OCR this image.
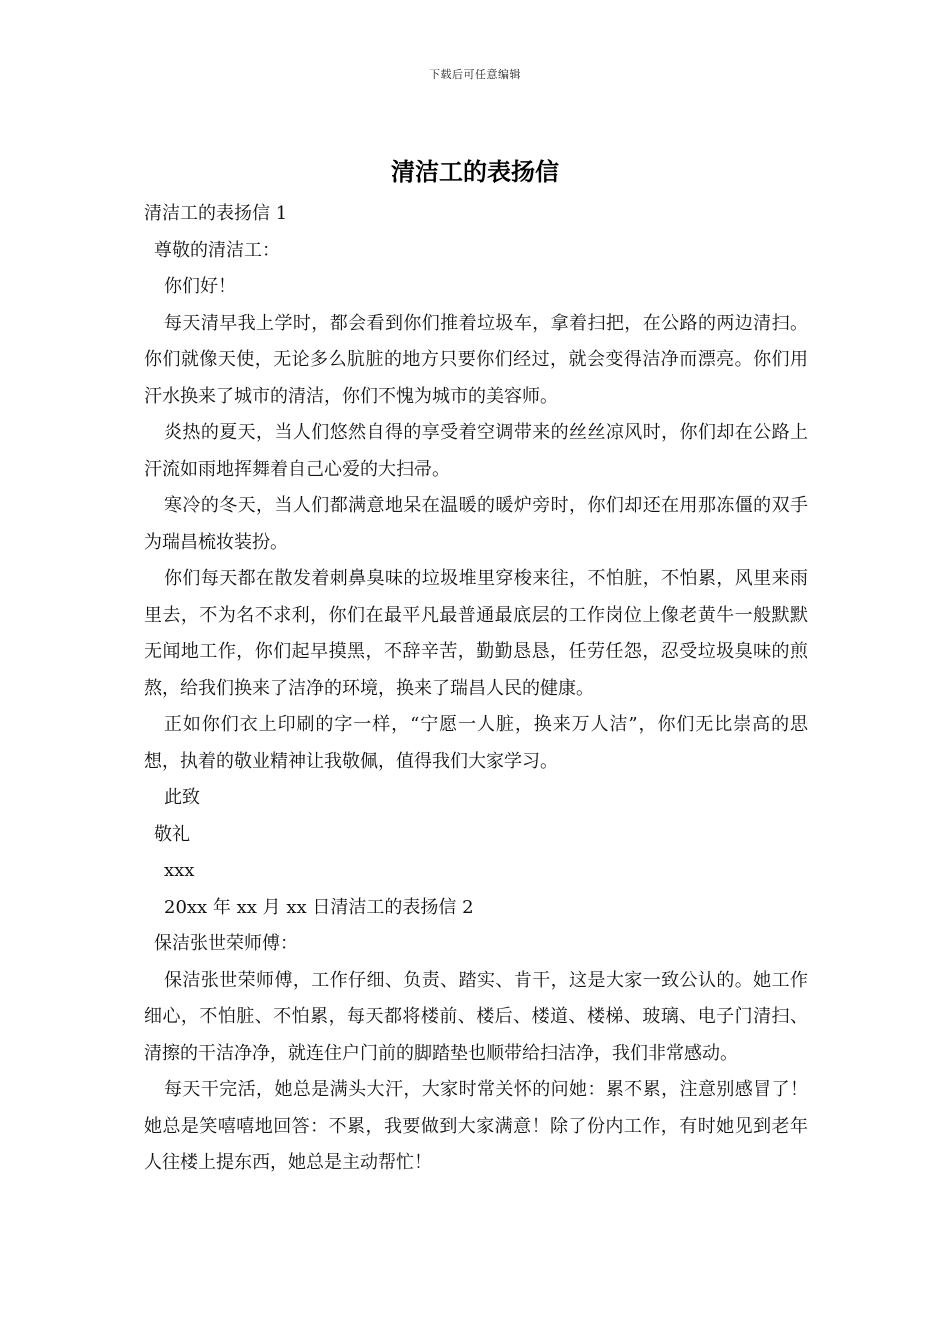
下载后可任意编辑
清洁工的表扬信
清洁工的表扬信 1
尊敬的清洁工：
你们好！
每天清早我上学时，都会看到你们推着垃圾车，拿着扫把，在公路的两边清扫。你们就像天使，无论多么肮脏的地方只要你们经过，就会变得洁净而漂亮。你们用汗水换来了城市的清洁，你们不愧为城市的美容师。
炎热的夏天，当人们悠然自得的享受着空调带来的丝丝凉风时，你们却在公路上汗流如雨地挥舞着自己心爱的大扫帚。
寒冷的冬天，当人们都满意地呆在温暖的暖炉旁时，你们却还在用那冻僵的双手为瑞昌梳妆装扮。
你们每天都在散发着刺鼻臭味的垃圾堆里穿梭来往，不怕脏，不怕累，风里来雨里去，不为名不求利，你们在最平凡最普通最底层的工作岗位上像老黄牛一般默默无闻地工作，你们起早摸黑，不辞辛苦，勤勤恳恳，任劳任怨，忍受垃圾臭味的煎熬，给我们换来了洁净的环境，换来了瑞昌人民的健康。
正如你们衣上印刷的字一样，“宁愿一人脏，换来万人洁”，你们无比崇高的思想，执着的敬业精神让我敬佩，值得我们大家学习。
此致
敬礼
xxx
20xx 年 xx 月 xx 日清洁工的表扬信 2
保洁张世荣师傅：
保洁张世荣师傅，工作仔细、负责、踏实、肯干，这是大家一致公认的。她工作细心，不怕脏、不怕累，每天都将楼前、楼后、楼道、楼梯、玻璃、电子门清扫、清擦的干洁净净，就连住户门前的脚踏垫也顺带给扫洁净，我们非常感动。
每天干完活，她总是满头大汗，大家时常关怀的问她：累不累，注意别感冒了！她总是笑嘻嘻地回答：不累，我要做到大家满意！除了份内工作，有时她见到老年人往楼上提东西，她总是主动帮忙！
